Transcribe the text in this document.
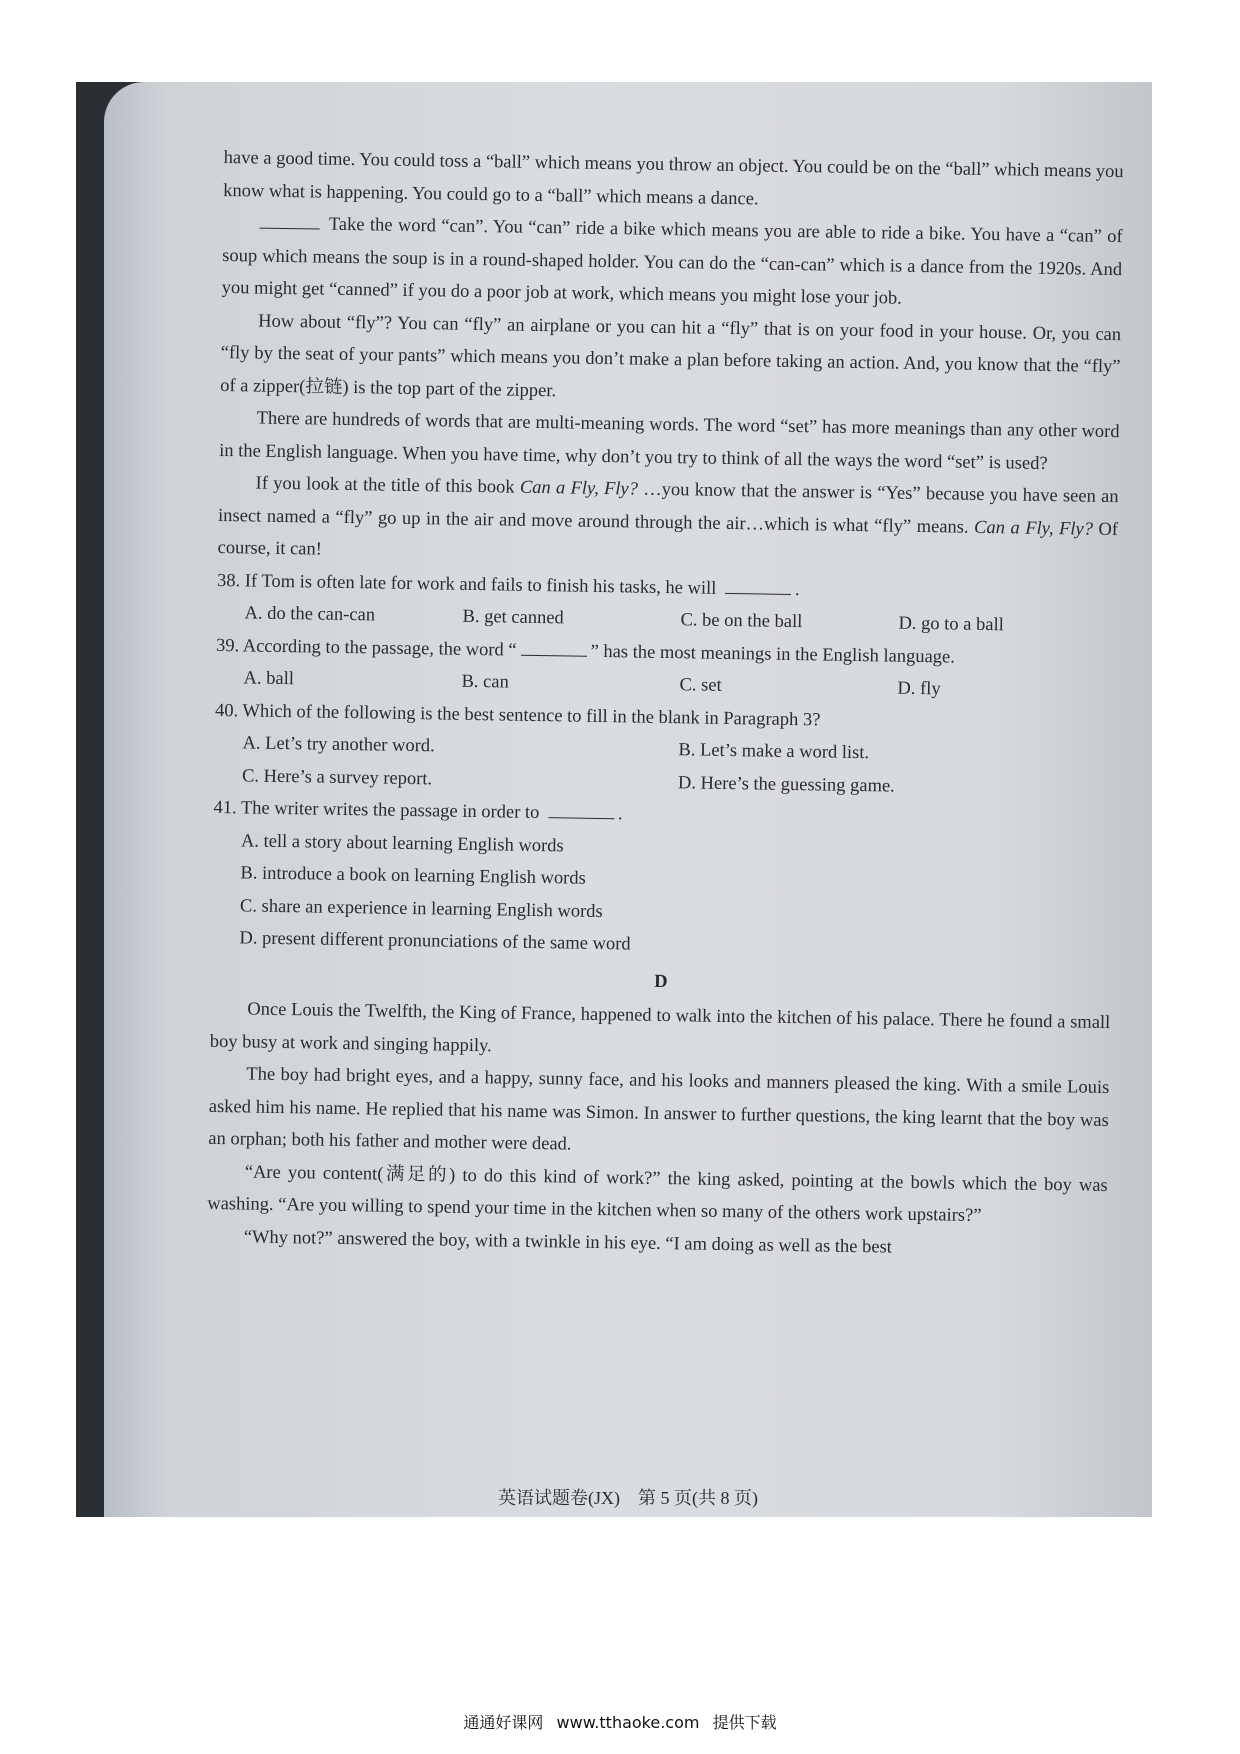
have a good time. You could toss a “ball” which means you throw an object. You could be on the “ball” which means you know what is happening. You could go to a “ball” which means a dance.

Take the word “can”. You “can” ride a bike which means you are able to ride a bike. You have a “can” of soup which means the soup is in a round-shaped holder. You can do the “can-can” which is a dance from the 1920s. And you might get “canned” if you do a poor job at work, which means you might lose your job.

How about “fly”? You can “fly” an airplane or you can hit a “fly” that is on your food in your house. Or, you can “fly by the seat of your pants” which means you don’t make a plan before taking an action. And, you know that the “fly” of a zipper(拉链) is the top part of the zipper.

There are hundreds of words that are multi-meaning words. The word “set” has more meanings than any other word in the English language. When you have time, why don’t you try to think of all the ways the word “set” is used?

If you look at the title of this book Can a Fly, Fly? …you know that the answer is “Yes” because you have seen an insect named a “fly” go up in the air and move around through the air…which is what “fly” means. Can a Fly, Fly? Of course, it can!

38. If Tom is often late for work and fails to finish his tasks, he will	.

A. do the can-can	B. get canned	C. be on the ball	D. go to a ball

39. According to the passage, the word “	” has the most meanings in the English language.

A. ball	B. can	C. set	D. fly

40. Which of the following is the best sentence to fill in the blank in Paragraph 3?

A. Let’s try another word.	B. Let’s make a word list.
C. Here’s a survey report.	D. Here’s the guessing game.

41. The writer writes the passage in order to	.

A. tell a story about learning English words
B. introduce a book on learning English words
C. share an experience in learning English words
D. present different pronunciations of the same word
D

Once Louis the Twelfth, the King of France, happened to walk into the kitchen of his palace. There he found a small boy busy at work and singing happily.

The boy had bright eyes, and a happy, sunny face, and his looks and manners pleased the king. With a smile Louis asked him his name. He replied that his name was Simon. In answer to further questions, the king learnt that the boy was an orphan; both his father and mother were dead.

“Are you content(满足的) to do this kind of work?” the king asked, pointing at the bowls which the boy was washing. “Are you willing to spend your time in the kitchen when so many of the others work upstairs?”

“Why not?” answered the boy, with a twinkle in his eye. “I am doing as well as the best

英语试题卷(JX)　第 5 页(共 8 页)
通通好课网 www.tthaoke.com 提供下载
